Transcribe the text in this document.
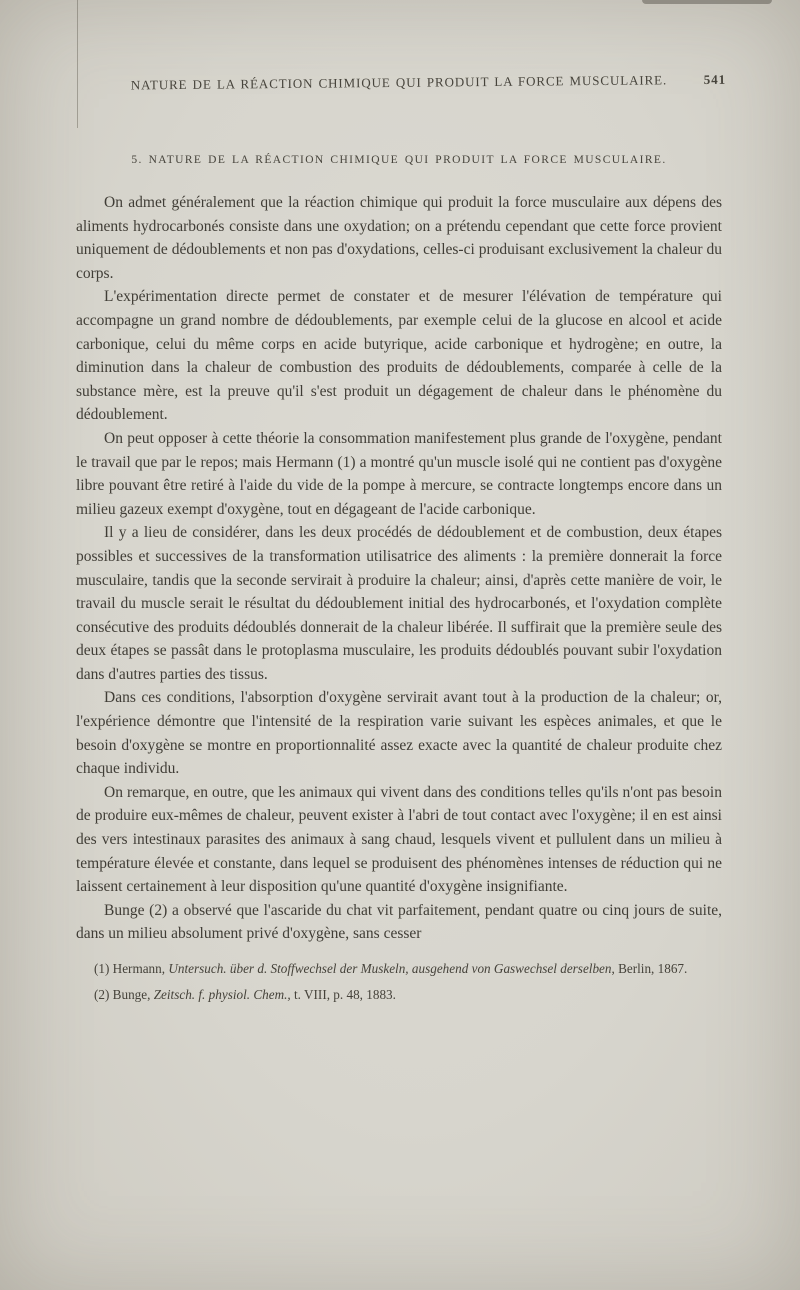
NATURE DE LA RÉACTION CHIMIQUE QUI PRODUIT LA FORCE MUSCULAIRE.	541
5. NATURE DE LA RÉACTION CHIMIQUE QUI PRODUIT LA FORCE MUSCULAIRE.

On admet généralement que la réaction chimique qui produit la force musculaire aux dépens des aliments hydrocarbonés consiste dans une oxydation; on a prétendu cependant que cette force provient uniquement de dédoublements et non pas d'oxydations, celles-ci produisant exclusivement la chaleur du corps.

L'expérimentation directe permet de constater et de mesurer l'élévation de température qui accompagne un grand nombre de dédoublements, par exemple celui de la glucose en alcool et acide carbonique, celui du même corps en acide butyrique, acide carbonique et hydrogène; en outre, la diminution dans la chaleur de combustion des produits de dédoublements, comparée à celle de la substance mère, est la preuve qu'il s'est produit un dégagement de chaleur dans le phénomène du dédoublement.

On peut opposer à cette théorie la consommation manifestement plus grande de l'oxygène, pendant le travail que par le repos; mais Hermann (1) a montré qu'un muscle isolé qui ne contient pas d'oxygène libre pouvant être retiré à l'aide du vide de la pompe à mercure, se contracte longtemps encore dans un milieu gazeux exempt d'oxygène, tout en dégageant de l'acide carbonique.

Il y a lieu de considérer, dans les deux procédés de dédoublement et de combustion, deux étapes possibles et successives de la transformation utilisatrice des aliments : la première donnerait la force musculaire, tandis que la seconde servirait à produire la chaleur; ainsi, d'après cette manière de voir, le travail du muscle serait le résultat du dédoublement initial des hydrocarbonés, et l'oxydation complète consécutive des produits dédoublés donnerait de la chaleur libérée. Il suffirait que la première seule des deux étapes se passât dans le protoplasma musculaire, les produits dédoublés pouvant subir l'oxydation dans d'autres parties des tissus.

Dans ces conditions, l'absorption d'oxygène servirait avant tout à la production de la chaleur; or, l'expérience démontre que l'intensité de la respiration varie suivant les espèces animales, et que le besoin d'oxygène se montre en proportionnalité assez exacte avec la quantité de chaleur produite chez chaque individu.

On remarque, en outre, que les animaux qui vivent dans des conditions telles qu'ils n'ont pas besoin de produire eux-mêmes de chaleur, peuvent exister à l'abri de tout contact avec l'oxygène; il en est ainsi des vers intestinaux parasites des animaux à sang chaud, lesquels vivent et pullulent dans un milieu à température élevée et constante, dans lequel se produisent des phénomènes intenses de réduction qui ne laissent certainement à leur disposition qu'une quantité d'oxygène insignifiante.

Bunge (2) a observé que l'ascaride du chat vit parfaitement, pendant quatre ou cinq jours de suite, dans un milieu absolument privé d'oxygène, sans cesser

(1) Hermann, Untersuch. über d. Stoffwechsel der Muskeln, ausgehend von Gaswechsel derselben, Berlin, 1867.

(2) Bunge, Zeitsch. f. physiol. Chem., t. VIII, p. 48, 1883.
